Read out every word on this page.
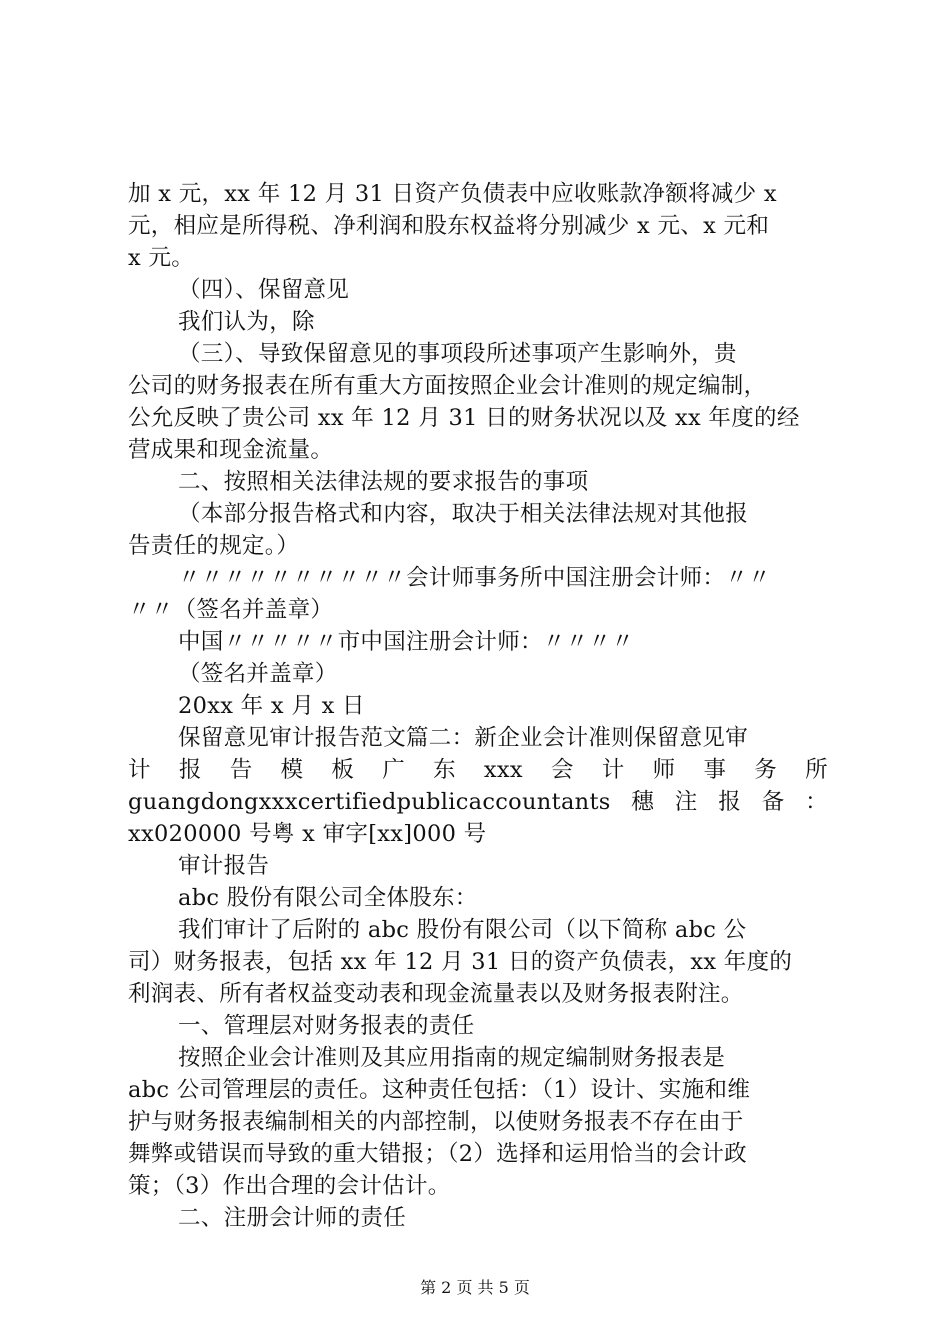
加 x 元，xx 年 12 月 31 日资产负债表中应收账款净额将减少 x
元，相应是所得税、净利润和股东权益将分别减少 x 元、x 元和
x 元。
（四）、保留意见
我们认为，除
（三）、导致保留意见的事项段所述事项产生影响外，贵
公司的财务报表在所有重大方面按照企业会计准则的规定编制，
公允反映了贵公司 xx 年 12 月 31 日的财务状况以及 xx 年度的经
营成果和现金流量。
二、按照相关法律法规的要求报告的事项
（本部分报告格式和内容，取决于相关法律法规对其他报
告责任的规定。）
〃〃〃〃〃〃〃〃〃〃会计师事务所中国注册会计师：〃〃
〃〃（签名并盖章）
中国〃〃〃〃〃市中国注册会计师：〃〃〃〃
（签名并盖章）
20xx 年 x 月 x 日
保留意见审计报告范文篇二：新企业会计准则保留意见审
计 报 告 模 板 广 东 xxx 会 计 师 事 务 所
guangdongxxxcertifiedpublicaccountants 穗 注 报 备 ：
xx020000 号粤 x 审字[xx]000 号
审计报告
abc 股份有限公司全体股东：
我们审计了后附的 abc 股份有限公司（以下简称 abc 公
司）财务报表，包括 xx 年 12 月 31 日的资产负债表，xx 年度的
利润表、所有者权益变动表和现金流量表以及财务报表附注。
一、管理层对财务报表的责任
按照企业会计准则及其应用指南的规定编制财务报表是
abc 公司管理层的责任。这种责任包括：（1）设计、实施和维
护与财务报表编制相关的内部控制，以使财务报表不存在由于
舞弊或错误而导致的重大错报；（2）选择和运用恰当的会计政
策；（3）作出合理的会计估计。
二、注册会计师的责任
第 2 页 共 5 页
